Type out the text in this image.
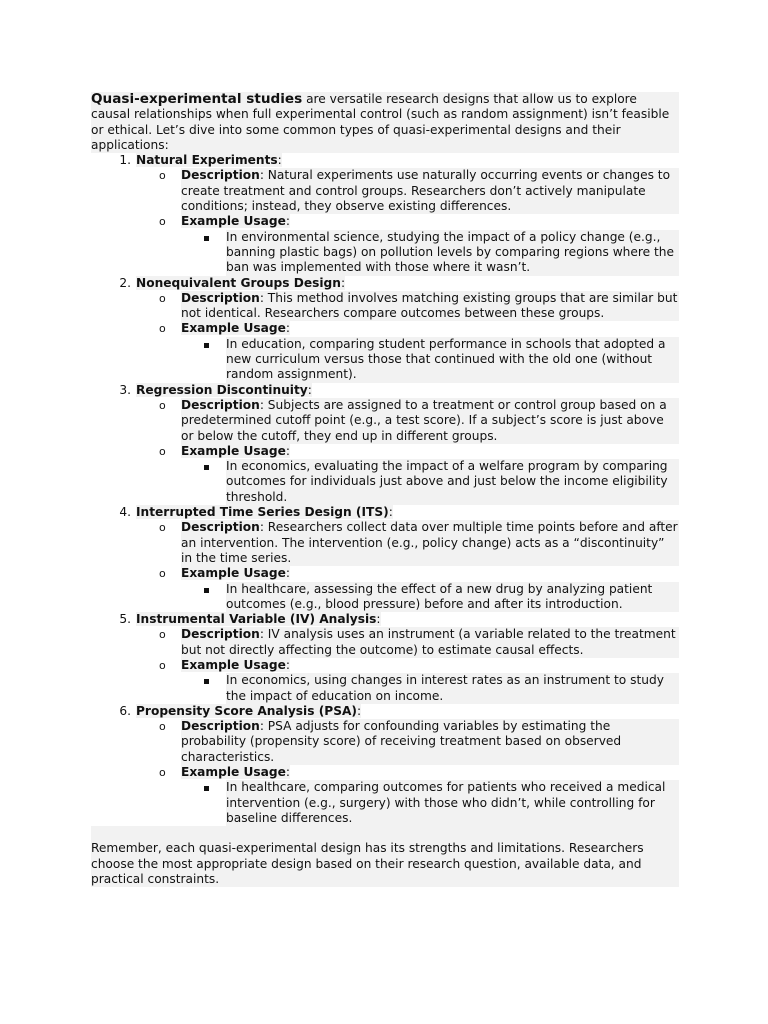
Quasi-experimental studies are versatile research designs that allow us to explore causal relationships when full experimental control (such as random assignment) isn’t feasible or ethical. Let’s dive into some common types of quasi-experimental designs and their applications:
1. Natural Experiments:
o Description: Natural experiments use naturally occurring events or changes to create treatment and control groups. Researchers don’t actively manipulate conditions; instead, they observe existing differences.
o Example Usage:
In environmental science, studying the impact of a policy change (e.g., banning plastic bags) on pollution levels by comparing regions where the ban was implemented with those where it wasn’t.
2. Nonequivalent Groups Design:
o Description: This method involves matching existing groups that are similar but not identical. Researchers compare outcomes between these groups.
o Example Usage:
In education, comparing student performance in schools that adopted a new curriculum versus those that continued with the old one (without random assignment).
3. Regression Discontinuity:
o Description: Subjects are assigned to a treatment or control group based on a predetermined cutoff point (e.g., a test score). If a subject’s score is just above or below the cutoff, they end up in different groups.
o Example Usage:
In economics, evaluating the impact of a welfare program by comparing outcomes for individuals just above and just below the income eligibility threshold.
4. Interrupted Time Series Design (ITS):
o Description: Researchers collect data over multiple time points before and after an intervention. The intervention (e.g., policy change) acts as a “discontinuity” in the time series.
o Example Usage:
In healthcare, assessing the effect of a new drug by analyzing patient outcomes (e.g., blood pressure) before and after its introduction.
5. Instrumental Variable (IV) Analysis:
o Description: IV analysis uses an instrument (a variable related to the treatment but not directly affecting the outcome) to estimate causal effects.
o Example Usage:
In economics, using changes in interest rates as an instrument to study the impact of education on income.
6. Propensity Score Analysis (PSA):
o Description: PSA adjusts for confounding variables by estimating the probability (propensity score) of receiving treatment based on observed characteristics.
o Example Usage:
In healthcare, comparing outcomes for patients who received a medical intervention (e.g., surgery) with those who didn’t, while controlling for baseline differences.
Remember, each quasi-experimental design has its strengths and limitations. Researchers choose the most appropriate design based on their research question, available data, and practical constraints.
